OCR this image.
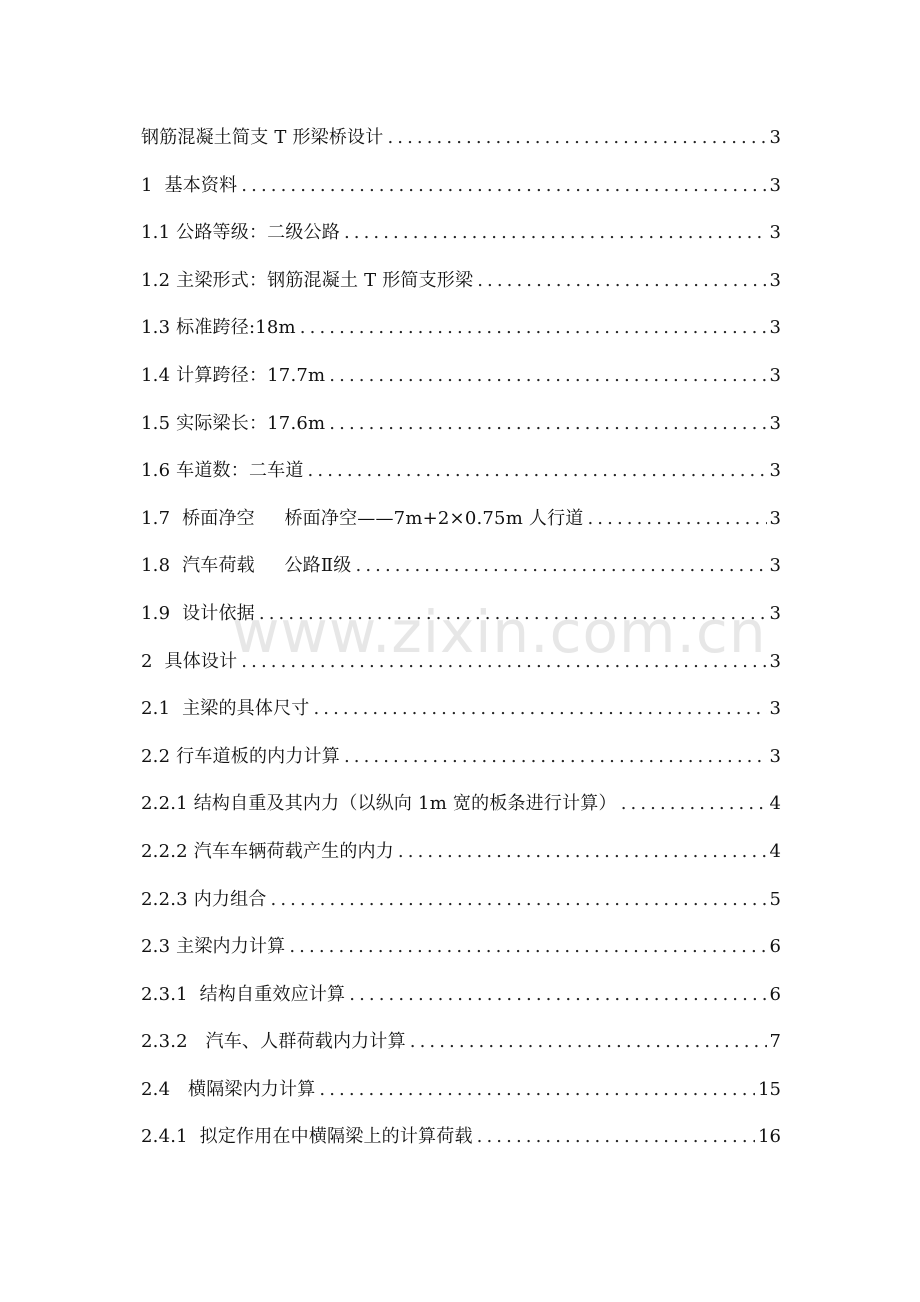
钢筋混凝土简支 T 形梁桥设计 .....	3
1  基本资料 .....	3
1.1 公路等级：二级公路 .....	3
1.2 主梁形式：钢筋混凝土 T 形简支形梁 .....	3
1.3 标准跨径:18m .....	3
1.4 计算跨径：17.7m .....	3
1.5 实际梁长：17.6m .....	3
1.6 车道数：二车道 .....	3
1.7  桥面净空     桥面净空——7m+2×0.75m 人行道 .....	3
1.8  汽车荷载     公路Ⅱ级 .....	3
1.9  设计依据 .....	3
2  具体设计 .....	3
2.1  主梁的具体尺寸 .....	3
2.2 行车道板的内力计算 .....	3
2.2.1 结构自重及其内力（以纵向 1m 宽的板条进行计算） .....	4
2.2.2 汽车车辆荷载产生的内力 .....	4
2.2.3 内力组合 .....	5
2.3 主梁内力计算 .....	6
2.3.1  结构自重效应计算 .....	6
2.3.2   汽车、人群荷载内力计算 .....	7
2.4   横隔梁内力计算 .....	15
2.4.1  拟定作用在中横隔梁上的计算荷载 .....	16
www.zixin.com.cn
